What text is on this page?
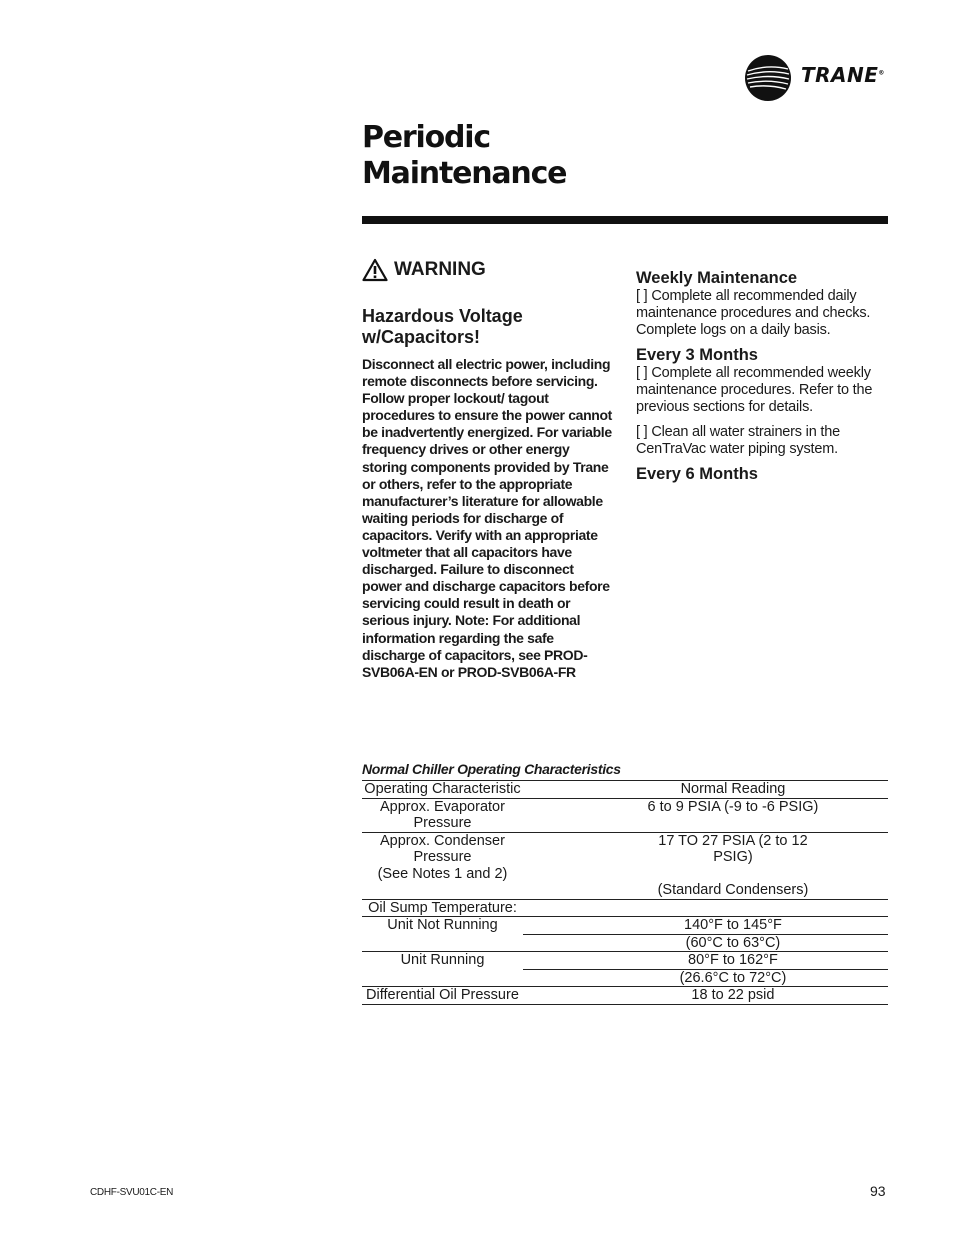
TRANE®
Periodic
Maintenance
WARNING
Hazardous Voltage
w/Capacitors!
Disconnect all electric power, including remote disconnects before servicing. Follow proper lockout/ tagout procedures to ensure the power cannot be inadvertently energized. For variable frequency drives or other energy storing components provided by Trane or others, refer to the appropriate manufacturer’s literature for allowable waiting periods for discharge of capacitors. Verify with an appropriate voltmeter that all capacitors have discharged. Failure to disconnect power and discharge capacitors before servicing could result in death or serious injury. Note: For additional information regarding the safe discharge of capacitors, see PROD-SVB06A-EN or PROD-SVB06A-FR
Weekly Maintenance
[ ] Complete all recommended daily maintenance procedures and checks. Complete logs on a daily basis.
Every 3 Months
[ ] Complete all recommended weekly maintenance procedures. Refer to the previous sections for details.
[ ] Clean all water strainers in the CenTraVac water piping system.
Every 6 Months
Normal Chiller Operating Characteristics
Operating Characteristic	Normal Reading

Approx. Evaporator Pressure	6 to 9 PSIA (-9 to -6 PSIG)

Approx. Condenser Pressure
(See Notes 1 and 2)	17 TO 27 PSIA (2 to 12 PSIG)

(Standard Condensers)

Oil Sump Temperature:	

Unit Not Running	140°F to 145°F

	(60°C to 63°C)

Unit Running	80°F to 162°F

	(26.6°C to 72°C)

Differential Oil Pressure	18 to 22 psid
CDHF-SVU01C-EN	93
